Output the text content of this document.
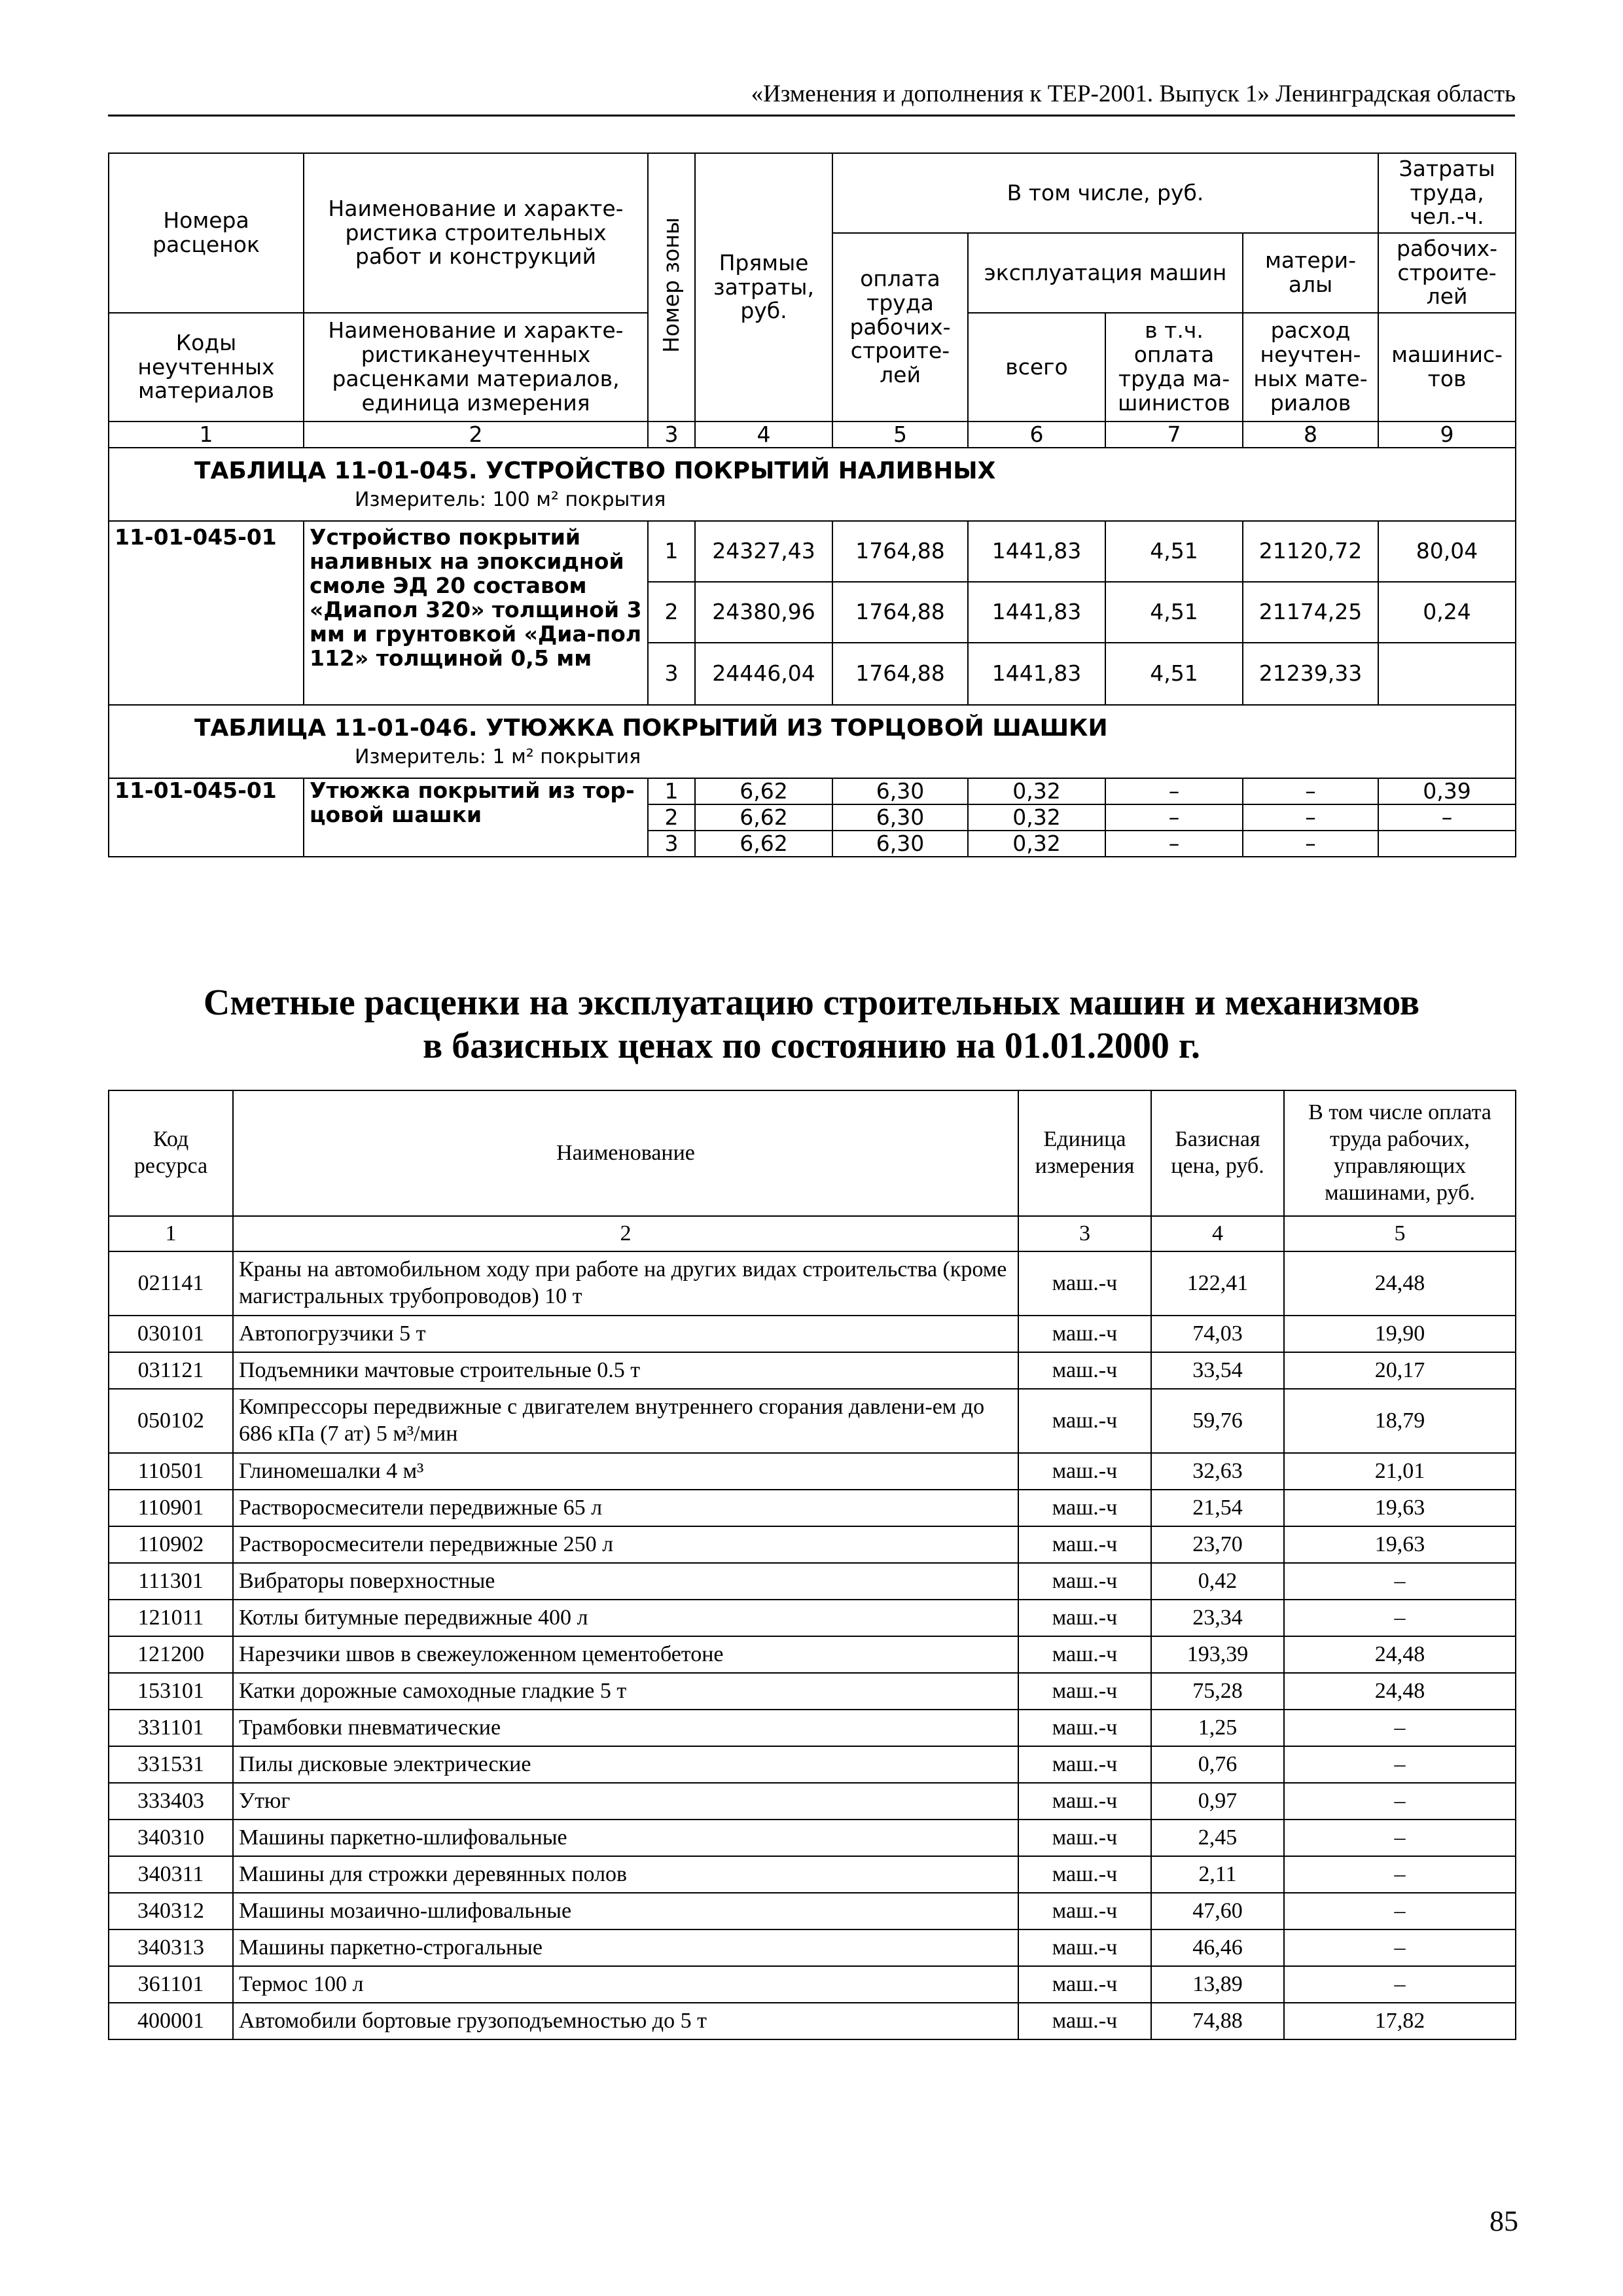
«Изменения и дополнения к ТЕР-2001. Выпуск 1» Ленинградская область
Номера расценок	Наименование и характе-ристика строительных работ и конструкций	Номер зоны	Прямые затраты, руб.	В том числе, руб.				Затраты труда, чел.-ч.
				оплата труда рабочих-строите-лей	эксплуатация машин		матери-алы	рабочих-строите-лей
Коды неучтенных материалов	Наименование и характе-ристиканеучтенных расценками материалов, единица измерения				всего	в т.ч. оплата труда ма-шинистов	расход неучтен-ных мате-риалов	машинис-тов
1	2	3	4	5	6	7	8	9
ТАБЛИЦА 11-01-045. УСТРОЙСТВО ПОКРЫТИЙ НАЛИВНЫХ
Измеритель: 100 м² покрытия								

11-01-045-01	Устройство покрытий наливных на эпоксидной смоле ЭД 20 составом «Диапол 320» толщиной 3 мм и грунтовкой «Диа-пол 112» толщиной 0,5 мм	1	24327,43	1764,88	1441,83	4,51	21120,72	80,04
		2	24380,96	1764,88	1441,83	4,51	21174,25	0,24
		3	24446,04	1764,88	1441,83	4,51	21239,33	
ТАБЛИЦА 11-01-046. УТЮЖКА ПОКРЫТИЙ ИЗ ТОРЦОВОЙ ШАШКИ
Измеритель: 1 м² покрытия								

11-01-045-01	Утюжка покрытий из тор-цовой шашки	1	6,62	6,30	0,32	–	–	0,39
		2	6,62	6,30	0,32	–	–	–
		3	6,62	6,30	0,32	–	–	
Сметные расценки на эксплуатацию строительных машин и механизмов
в базисных ценах по состоянию на 01.01.2000 г.
Код ресурса	Наименование	Единица измерения	Базисная цена, руб.	В том числе оплата труда рабочих, управляющих машинами, руб.
1	2	3	4	5
021141	Краны на автомобильном ходу при работе на других видах строительства (кроме магистральных трубопроводов) 10 т	маш.-ч	122,41	24,48
030101	Автопогрузчики 5 т	маш.-ч	74,03	19,90
031121	Подъемники мачтовые строительные 0.5 т	маш.-ч	33,54	20,17
050102	Компрессоры передвижные с двигателем внутреннего сгорания давлени-ем до 686 кПа (7 ат) 5 м³/мин	маш.-ч	59,76	18,79
110501	Глиномешалки 4 м³	маш.-ч	32,63	21,01
110901	Растворосмесители передвижные 65 л	маш.-ч	21,54	19,63
110902	Растворосмесители передвижные 250 л	маш.-ч	23,70	19,63
111301	Вибраторы поверхностные	маш.-ч	0,42	–
121011	Котлы битумные передвижные 400 л	маш.-ч	23,34	–
121200	Нарезчики швов в свежеуложенном цементобетоне	маш.-ч	193,39	24,48
153101	Катки дорожные самоходные гладкие 5 т	маш.-ч	75,28	24,48
331101	Трамбовки пневматические	маш.-ч	1,25	–
331531	Пилы дисковые электрические	маш.-ч	0,76	–
333403	Утюг	маш.-ч	0,97	–
340310	Машины паркетно-шлифовальные	маш.-ч	2,45	–
340311	Машины для строжки деревянных полов	маш.-ч	2,11	–
340312	Машины мозаично-шлифовальные	маш.-ч	47,60	–
340313	Машины паркетно-строгальные	маш.-ч	46,46	–
361101	Термос 100 л	маш.-ч	13,89	–
400001	Автомобили бортовые грузоподъемностью до 5 т	маш.-ч	74,88	17,82
85
